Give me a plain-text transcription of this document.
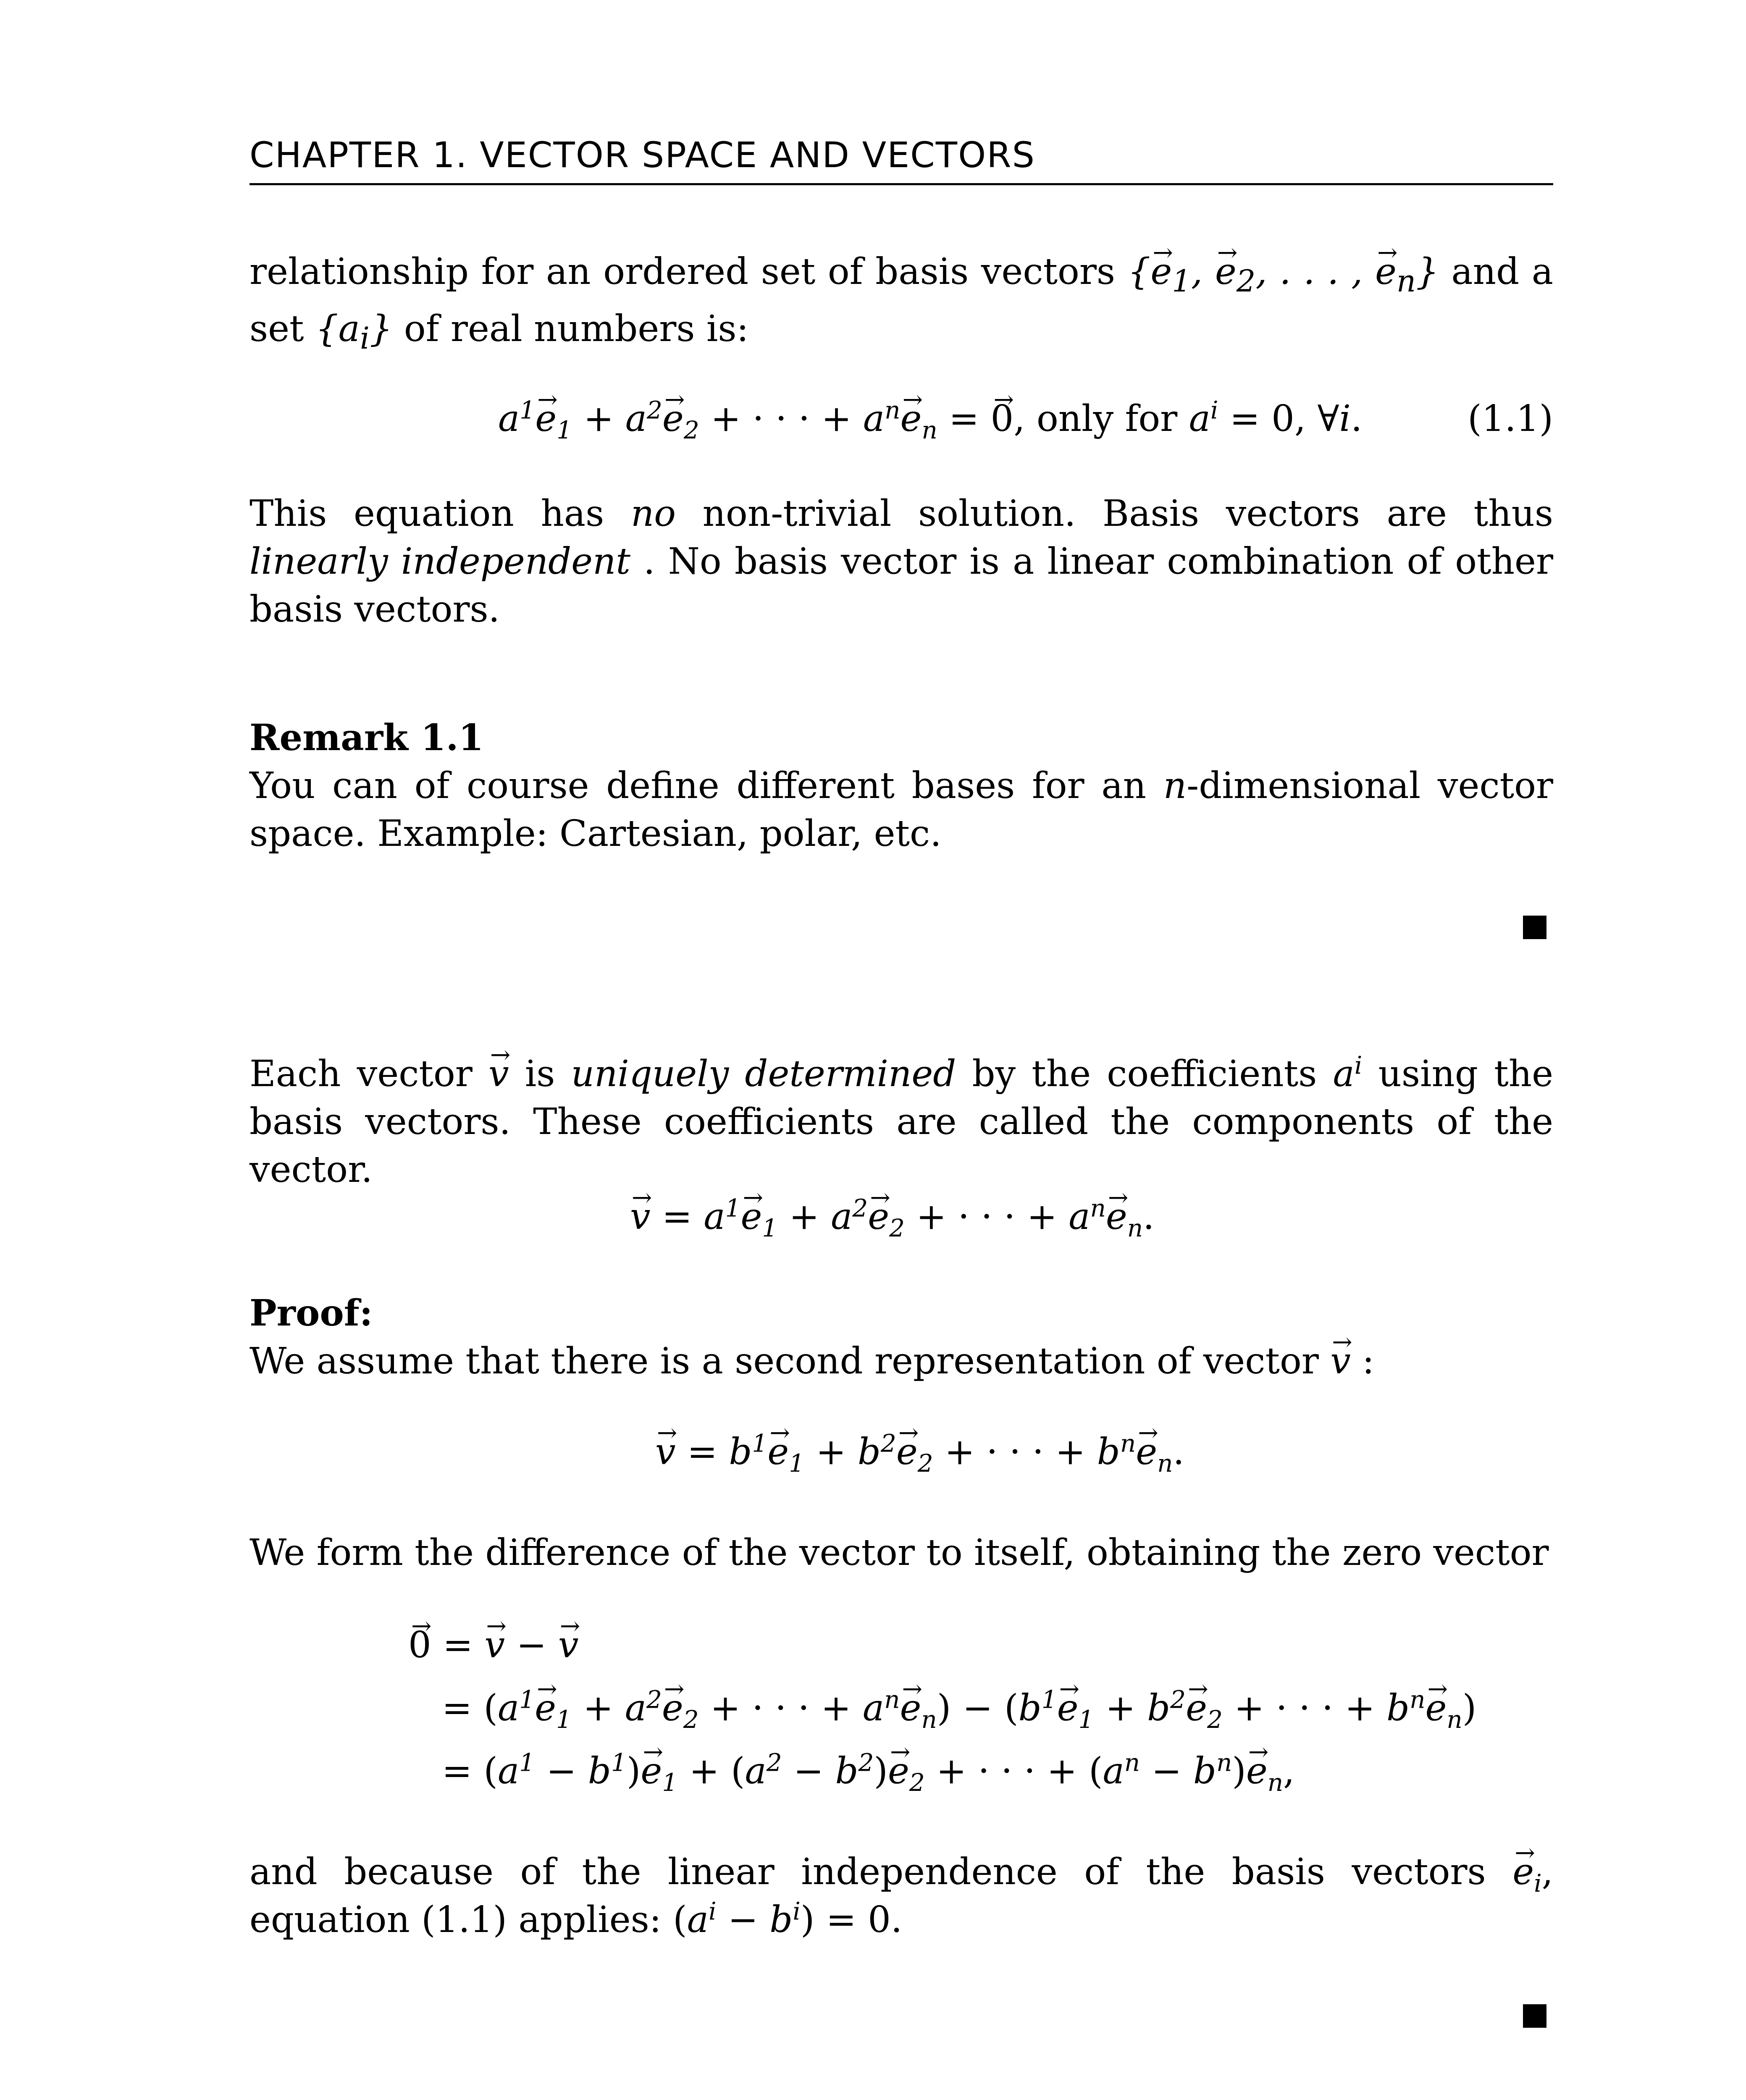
CHAPTER 1. VECTOR SPACE AND VECTORS
relationship for an ordered set of basis vectors {→ $e_1$, → $e_2$, . . . , → $e_n$} and a set $\{a_i\}$ of real numbers is:
$a^1\to e_1 + a^2\to e_2$ + · · · + $a^n\to e_n$ = → 0, only for $a^i = 0$, ∀i.	(1.1)
This equation has no non-trivial solution. Basis vectors are thus linearly independent . No basis vector is a linear combination of other basis vectors.
Remark 1.1
You can of course define different bases for an n-dimensional vector space. Example: Cartesian, polar, etc.
Each vector → v is uniquely determined by the coefficients $a^i$ using the basis vectors. These coefficients are called the components of the vector.
→ $v = a^1\to e_1 + a^2\to e_2$ + · · · + $a^n\to e_n$.
Proof:
We assume that there is a second representation of vector → v :
→ $v = b^1\to e_1 + b^2\to e_2$ + · · · + $b^n\to e_n$.
We form the difference of the vector to itself, obtaining the zero vector
→ 0 = → v − → v
= ($a^1\to e_1 + a^2\to e_2$ + · · · + $a^n\to e_n) - (b^1\to e_1 + b^2\to e_2$ + · · · + $b^n\to e_n$)
= $(a^1 - b^1)\to e_1 + (a^2 - b^2)\to e_2$ + · · · + $(a^n - b^n)\to e_n$,
and because of the linear independence of the basis vectors → $e_i$, equation (1.1) applies: $(a^i - b^i) = 0$.
